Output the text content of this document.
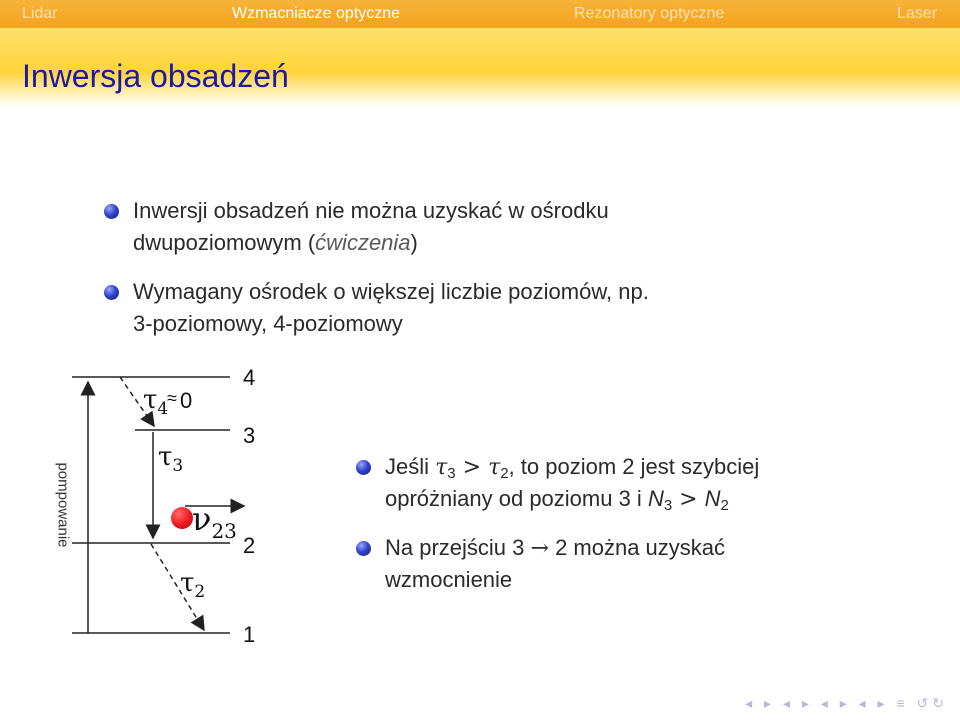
Lidar	Wzmacniacze optyczne	Rezonatory optyczne	Laser
Inwersja obsadzeń
Inwersji obsadzeń nie można uzyskać w ośrodku
dwupoziomowym (ćwiczenia)
Wymagany ośrodek o większej liczbie poziomów, np.
3-poziomowy, 4-poziomowy
pompowanie
4
3
2
1
$\tau_4$
≈ 0
$\tau_3$
$\nu_{23}$
$\tau_2$
Jeśli $\tau_3 > \tau_2$, to poziom 2 jest szybciej
opróżniany od poziomu 3 i $N_3 > N_2$
Na przejściu 3 → 2 można uzyskać
wzmocnienie
◂ ▸ ◂ ▸ ◂ ▸ ◂ ▸ ≡ ↺↻
